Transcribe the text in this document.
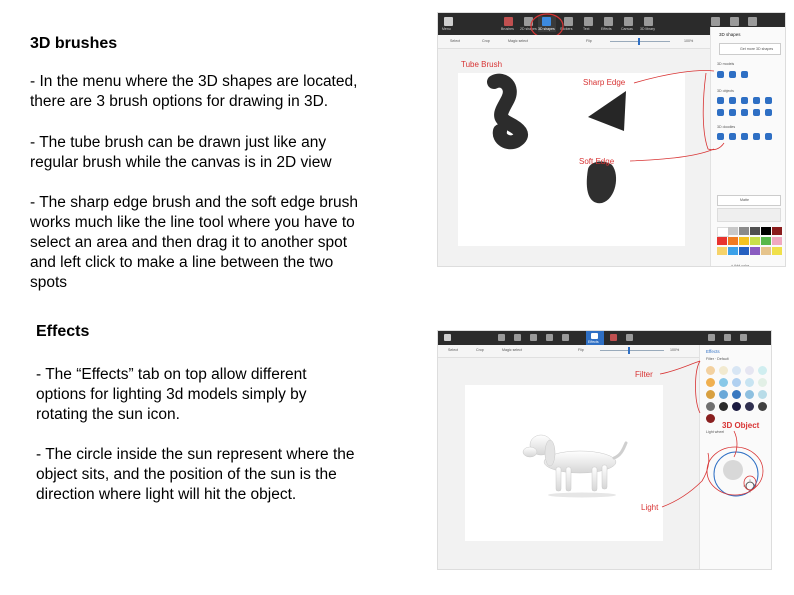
3D brushes
- In the menu where the 3D shapes are located,
there are 3 brush options for drawing in 3D.
- The tube brush can be drawn just like any
regular brush while the canvas is in 2D view
- The sharp edge brush and the soft edge brush
works much like the line tool where you have to
select an area and then drag it to another spot
and left click to make a line between the two
spots
Effects
- The “Effects” tab on top allow different
options for lighting 3d models simply by
rotating the sun icon.
- The circle inside the sun represent where the
object sits, and the position of the sun is the
direction where light will hit the object.
Menu	Brushes 2D shapes 3D shapes Stickers	Text	Effects	Canvas 3D library
Select	Crop	Magic select	Flip	100%
Tube Brush
Sharp Edge
Soft Edge
3D shapes
Get more 3D shapes
3D models
3D objects
3D doodles
Matte
+ Add color
Effects
Select	Crop	Magic select	Flip	100%	Effects
Filter · Default
Light wheel
Filter
3D Object
Light
